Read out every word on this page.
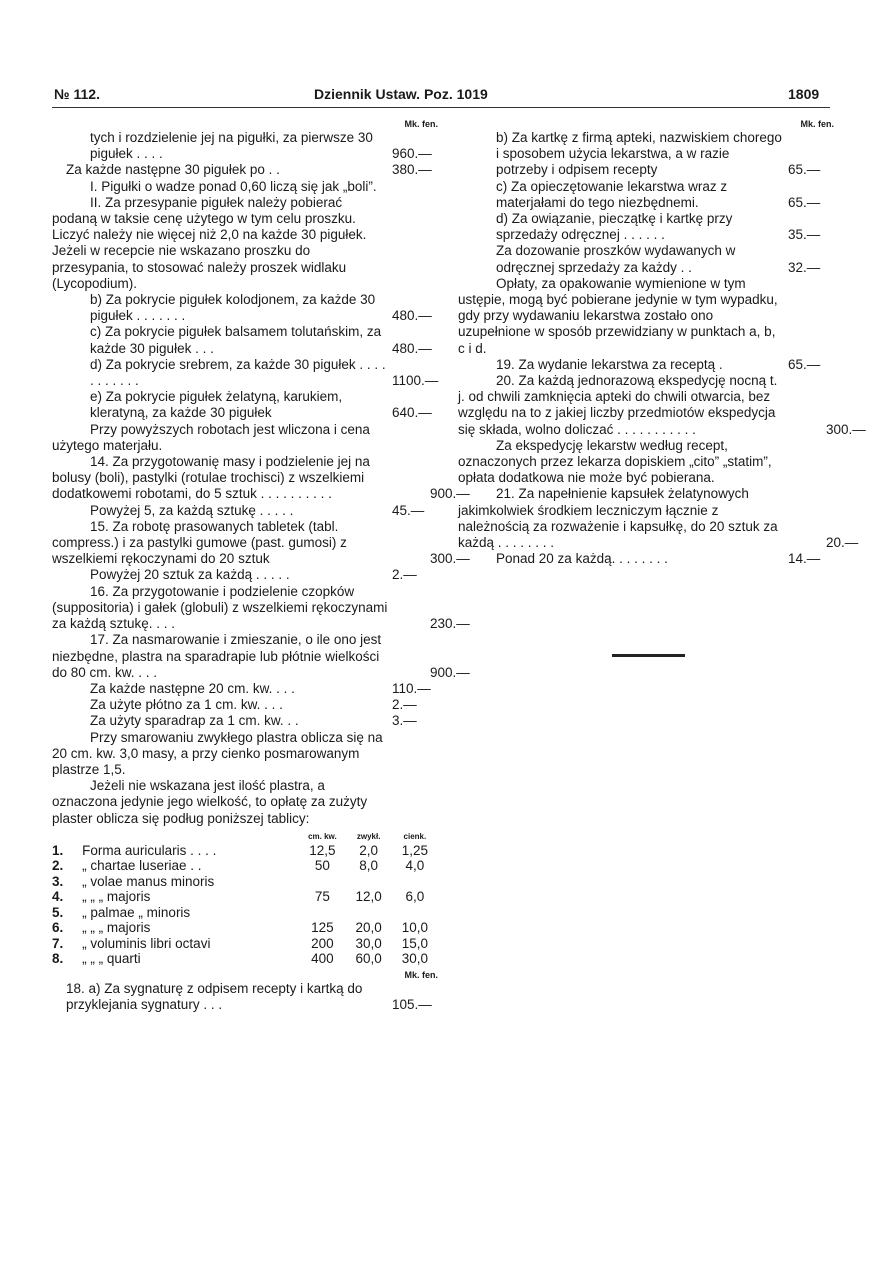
№ 112.	Dziennik Ustaw. Poz. 1019	1809
Mk. fen.
tych i rozdzielenie jej na pigułki, za pierwsze 30 pigułek . . . .	960.—
Za każde następne 30 pigułek po . .	380.—
I. Pigułki o wadze ponad 0,60 liczą się jak „boli”.
II. Za przesypanie pigułek należy pobierać podaną w taksie cenę użytego w tym celu proszku. Liczyć należy nie więcej niż 2,0 na każde 30 pigułek. Jeżeli w recepcie nie wskazano proszku do przesypania, to stosować należy proszek widlaku (Lycopodium).
b) Za pokrycie pigułek kolodjonem, za każde 30 pigułek . . . . . . .	480.—
c) Za pokrycie pigułek balsamem tolutańskim, za każde 30 pigułek . . .	480.—
d) Za pokrycie srebrem, za każde 30 pigułek . . . . . . . . . . .	1100.—
e) Za pokrycie pigułek żelatyną, karukiem, kleratyną, za każde 30 pigułek	640.—
Przy powyższych robotach jest wliczona i cena użytego materjału.
14. Za przygotowanię masy i podzielenie jej na bolusy (boli), pastylki (rotulae trochisci) z wszelkiemi dodatkowemi robotami, do 5 sztuk . . . . . . . . . .	900.—
Powyżej 5, za każdą sztukę . . . . .	45.—
15. Za robotę prasowanych tabletek (tabl. compress.) i za pastylki gumowe (past. gumosi) z wszelkiemi rękoczynami do 20 sztuk	300.—
Powyżej 20 sztuk za każdą . . . . .	2.—
16. Za przygotowanie i podzielenie czopków (suppositoria) i gałek (globuli) z wszelkiemi rękoczynami za każdą sztukę. . . .	230.—
17. Za nasmarowanie i zmieszanie, o ile ono jest niezbędne, plastra na sparadrapie lub płótnie wielkości do 80 cm. kw. . . .	900.—
Za każde następne 20 cm. kw. . . .	110.—
Za użyte płótno za 1 cm. kw. . . .	2.—
Za użyty sparadrap za 1 cm. kw. . .	3.—
Przy smarowaniu zwykłego plastra oblicza się na 20 cm. kw. 3,0 masy, a przy cienko posmarowanym plastrze 1,5.
Jeżeli nie wskazana jest ilość plastra, a oznaczona jedynie jego wielkość, to opłatę za zużyty plaster oblicza się podług poniższej tablicy:
		cm. kw.	zwykł.	cienk.
1.	Forma auricularis . . . .	12,5	2,0	1,25
2.	„ chartae luseriae . .	50	8,0	4,0
3.	„ volae manus minoris			
4.	„ „ „ majoris	75	12,0	6,0
5.	„ palmae „ minoris			
6.	„ „ „ majoris	125	20,0	10,0
7.	„ voluminis libri octavi	200	30,0	15,0
8.	„ „ „ quarti	400	60,0	30,0
Mk. fen.
18. a) Za sygnaturę z odpisem recepty i kartką do przyklejania sygnatury . . .	105.—
Mk. fen.
b) Za kartkę z firmą apteki, nazwiskiem chorego i sposobem użycia lekarstwa, a w razie potrzeby i odpisem recepty	65.—
c) Za opieczętowanie lekarstwa wraz z materjałami do tego niezbędnemi.	65.—
d) Za owiązanie, pieczątkę i kartkę przy sprzedaży odręcznej . . . . . .	35.—
Za dozowanie proszków wydawanych w odręcznej sprzedaży za każdy . .	32.—
Opłaty, za opakowanie wymienione w tym ustępie, mogą być pobierane jedynie w tym wypadku, gdy przy wydawaniu lekarstwa zostało ono uzupełnione w sposób przewidziany w punktach a, b, c i d.
19. Za wydanie lekarstwa za receptą .	65.—
20. Za każdą jednorazową ekspedycję nocną t. j. od chwili zamknięcia apteki do chwili otwarcia, bez względu na to z jakiej liczby przedmiotów ekspedycja się składa, wolno doliczać . . . . . . . . . . .	300.—
Za ekspedycję lekarstw według recept, oznaczonych przez lekarza dopiskiem „cito” „statim”, opłata dodatkowa nie może być pobierana.
21. Za napełnienie kapsułek żelatynowych jakimkolwiek środkiem leczniczym łącznie z należnością za rozważenie i kapsułkę, do 20 sztuk za każdą . . . . . . . .	20.—
Ponad 20 za każdą. . . . . . . .	14.—
